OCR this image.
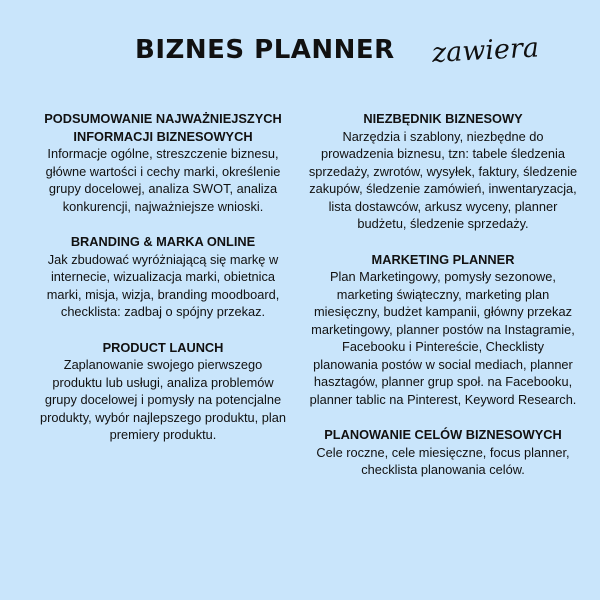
BIZNES PLANNER zawiera
PODSUMOWANIE NAJWAŻNIEJSZYCH INFORMACJI BIZNESOWYCH
Informacje ogólne, streszczenie biznesu, główne wartości i cechy marki, określenie grupy docelowej, analiza SWOT, analiza konkurencji, najważniejsze wnioski.
BRANDING & MARKA ONLINE
Jak zbudować wyróżniającą się markę w internecie, wizualizacja marki, obietnica marki, misja, wizja, branding moodboard, checklista: zadbaj o spójny przekaz.
PRODUCT LAUNCH
Zaplanowanie swojego pierwszego produktu lub usługi, analiza problemów grupy docelowej i pomysły na potencjalne produkty, wybór najlepszego produktu, plan premiery produktu.
NIEZBĘDNIK BIZNESOWY
Narzędzia i szablony, niezbędne do prowadzenia biznesu, tzn: tabele śledzenia sprzedaży, zwrotów, wysyłek, faktury, śledzenie zakupów, śledzenie zamówień, inwentaryzacja, lista dostawców, arkusz wyceny, planner budżetu, śledzenie sprzedaży.
MARKETING PLANNER
Plan Marketingowy, pomysły sezonowe, marketing świąteczny, marketing plan miesięczny, budżet kampanii, główny przekaz marketingowy, planner postów na Instagramie, Facebooku i Pintereście, Checklisty planowania postów w social mediach, planner hasztagów, planner grup społ. na Facebooku, planner tablic na Pinterest, Keyword Research.
PLANOWANIE CELÓW BIZNESOWYCH
Cele roczne, cele miesięczne, focus planner, checklista planowania celów.
